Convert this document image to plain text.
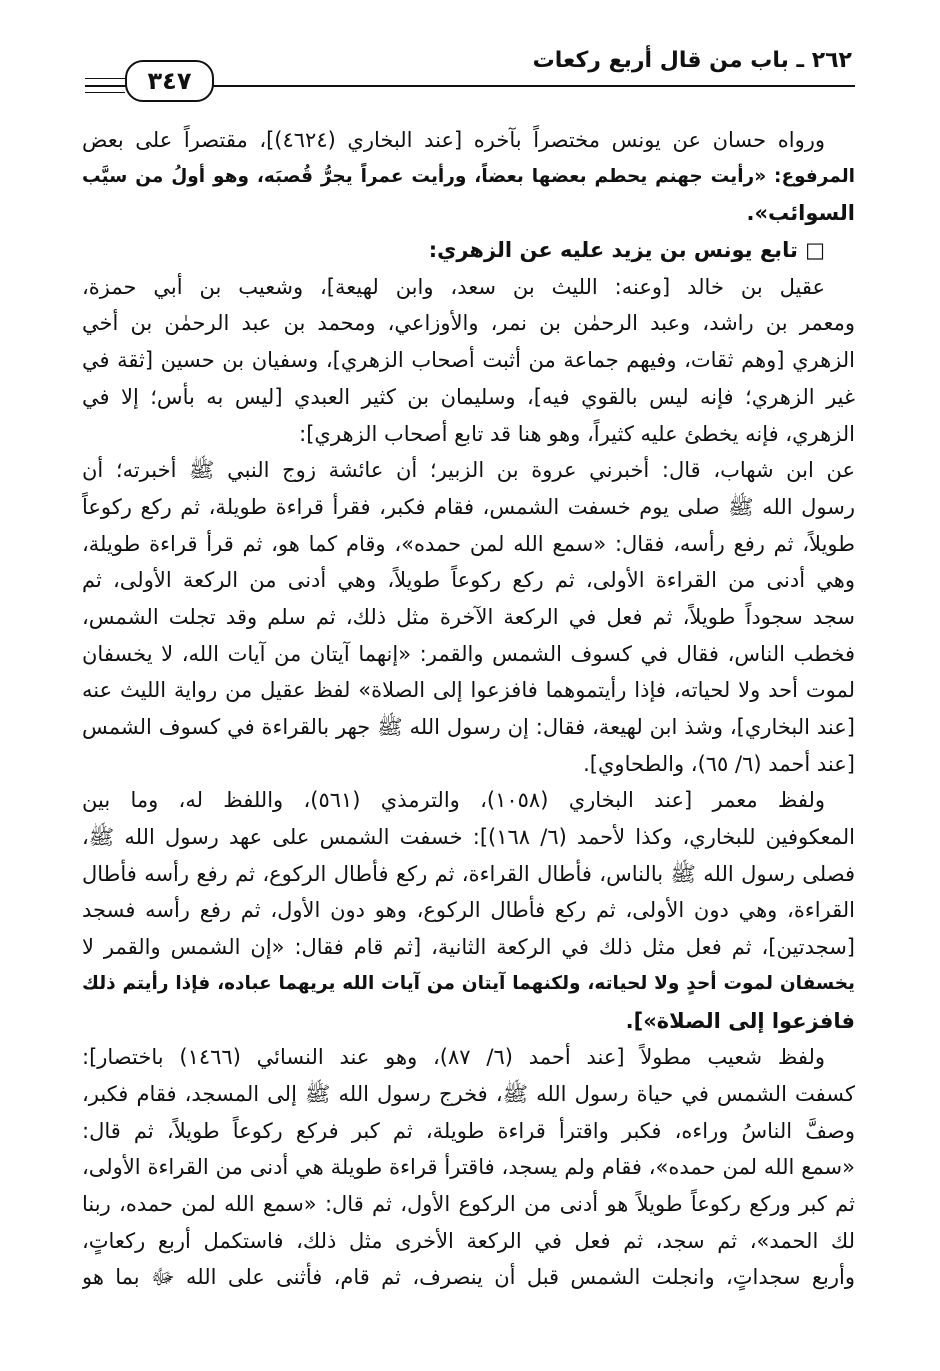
٢٦٢ ـ باب من قال أربع ركعات
٣٤٧
ورواه حسان عن يونس مختصراً بآخره [عند البخاري (٤٦٢٤)]، مقتصراً على بعض
المرفوع: «رأيت جهنم يحطم بعضها بعضاً، ورأيت عمراً يجرُّ قُصبَه، وهو أولُ من سيَّب
السوائب».
□ تابع يونس بن يزيد عليه عن الزهري:
عقيل بن خالد [وعنه: الليث بن سعد، وابن لهيعة]، وشعيب بن أبي حمزة،
ومعمر بن راشد، وعبد الرحمٰن بن نمر، والأوزاعي، ومحمد بن عبد الرحمٰن بن أخي
الزهري [وهم ثقات، وفيهم جماعة من أثبت أصحاب الزهري]، وسفيان بن حسين [ثقة في
غير الزهري؛ فإنه ليس بالقوي فيه]، وسليمان بن كثير العبدي [ليس به بأس؛ إلا في
الزهري، فإنه يخطئ عليه كثيراً، وهو هنا قد تابع أصحاب الزهري]:
عن ابن شهاب، قال: أخبرني عروة بن الزبير؛ أن عائشة زوج النبي ﷺ أخبرته؛ أن
رسول الله ﷺ صلى يوم خسفت الشمس، فقام فكبر، فقرأ قراءة طويلة، ثم ركع ركوعاً
طويلاً، ثم رفع رأسه، فقال: «سمع الله لمن حمده»، وقام كما هو، ثم قرأ قراءة طويلة،
وهي أدنى من القراءة الأولى، ثم ركع ركوعاً طويلاً، وهي أدنى من الركعة الأولى، ثم
سجد سجوداً طويلاً، ثم فعل في الركعة الآخرة مثل ذلك، ثم سلم وقد تجلت الشمس،
فخطب الناس، فقال في كسوف الشمس والقمر: «إنهما آيتان من آيات الله، لا يخسفان
لموت أحد ولا لحياته، فإذا رأيتموهما فافزعوا إلى الصلاة» لفظ عقيل من رواية الليث عنه
[عند البخاري]، وشذ ابن لهيعة، فقال: إن رسول الله ﷺ جهر بالقراءة في كسوف الشمس
[عند أحمد (٦/ ٦٥)، والطحاوي].
ولفظ معمر [عند البخاري (١٠٥٨)، والترمذي (٥٦١)، واللفظ له، وما بين
المعكوفين للبخاري، وكذا لأحمد (٦/ ١٦٨)]: خسفت الشمس على عهد رسول الله ﷺ،
فصلى رسول الله ﷺ بالناس، فأطال القراءة، ثم ركع فأطال الركوع، ثم رفع رأسه فأطال
القراءة، وهي دون الأولى، ثم ركع فأطال الركوع، وهو دون الأول، ثم رفع رأسه فسجد
[سجدتين]، ثم فعل مثل ذلك في الركعة الثانية، [ثم قام فقال: «إن الشمس والقمر لا
يخسفان لموت أحدٍ ولا لحياته، ولكنهما آيتان من آيات الله يريهما عباده، فإذا رأيتم ذلك
فافزعوا إلى الصلاة»].
ولفظ شعيب مطولاً [عند أحمد (٦/ ٨٧)، وهو عند النسائي (١٤٦٦) باختصار]:
كسفت الشمس في حياة رسول الله ﷺ، فخرج رسول الله ﷺ إلى المسجد، فقام فكبر،
وصفَّ الناسُ وراءه، فكبر واقترأ قراءة طويلة، ثم كبر فركع ركوعاً طويلاً، ثم قال:
«سمع الله لمن حمده»، فقام ولم يسجد، فاقترأ قراءة طويلة هي أدنى من القراءة الأولى،
ثم كبر وركع ركوعاً طويلاً هو أدنى من الركوع الأول، ثم قال: «سمع الله لمن حمده، ربنا
لك الحمد»، ثم سجد، ثم فعل في الركعة الأخرى مثل ذلك، فاستكمل أربع ركعاتٍ،
وأربع سجداتٍ، وانجلت الشمس قبل أن ينصرف، ثم قام، فأثنى على الله ﷻ بما هو
